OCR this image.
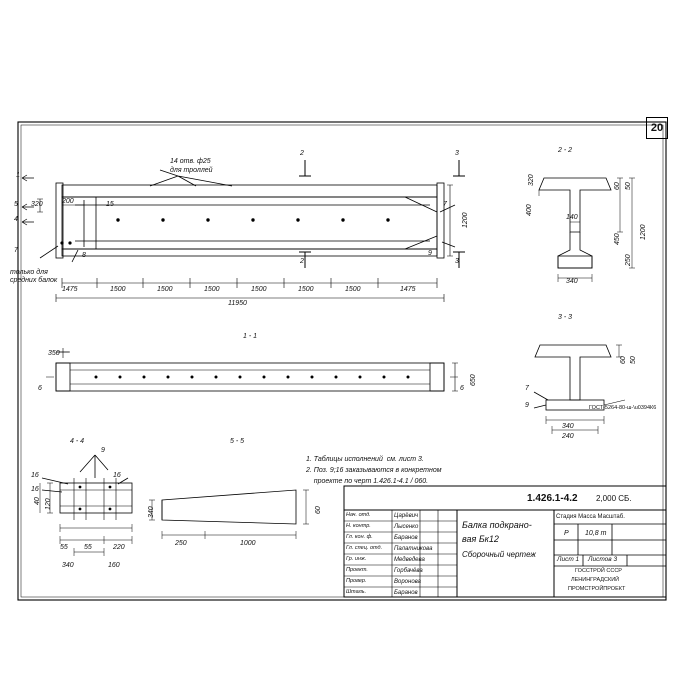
20
14 отв. ф25
для троллей
2
2
3
3
1
5
4
320	200	15	7
1200
7
только для
средних балок
8	9
1475	1500	1500	1500	1500	1500	1500	1475
11950
1 - 1
350
6	6
650
2 - 2
340
140
400
320
50
60
250
450	1200
3 - 3
340
240
50
60
7
9	ГОСТ-5264-80-ш-\u0394К6
4 - 4
9
16
16
16
120
40
55 55	220
340	160
5 - 5
340	60
250	1000
1. Таблицы исполнений  см. лист 3.
2. Поз. 9;16 заказываются в конкретном
проекте по черт 1.426.1-4.1 / 060.
1.426.1-4.2 2,000 СБ.
Нач. отд.	Царёвич
Н. контр.	Лысенко
Гл. кон. ф.	Баранов
Гл. спец. отд. Палатникова
Гр. инж.	Медведева
Проект.	Горбачёва
Провер.	Воронова
Шталь.	Баранов
Балка подкрано-
вая Бк12
Сборочный чертеж
Стадия Масса Масштаб.
Р 10,8 т
Лист 1 Листов 3
ГОССТРОЙ СССР
ЛЕНИНГРАДСКИЙ
ПРОМСТРОЙПРОЕКТ
